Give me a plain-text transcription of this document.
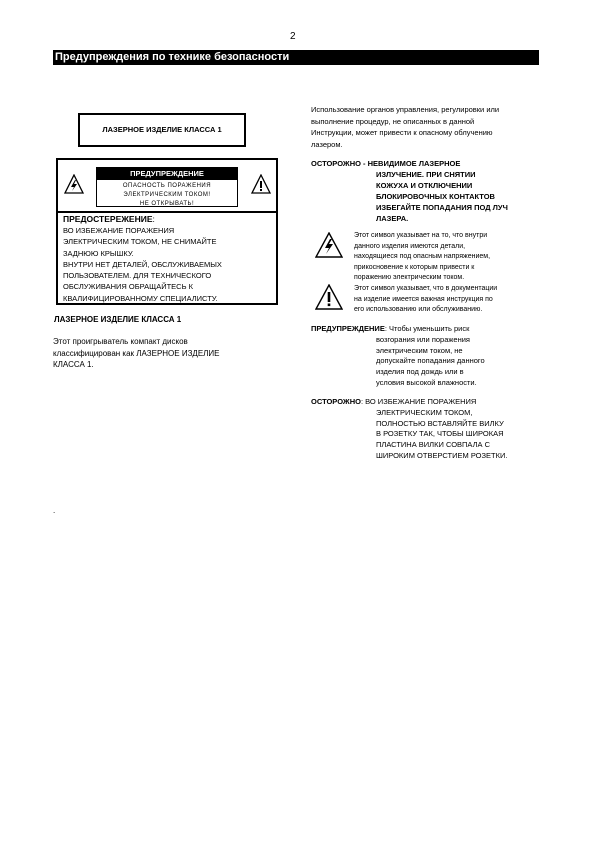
2
Предупреждения по технике безопасности
ЛАЗЕРНОЕ ИЗДЕЛИЕ КЛАССА 1
ПРЕДУПРЕЖДЕНИЕ
ОПАСНОСТЬ ПОРАЖЕНИЯ
ЭЛЕКТРИЧЕСКИМ ТОКОМ!
НЕ ОТКРЫВАТЬ!
ПРЕДОСТЕРЕЖЕНИЕ:
ВО ИЗБЕЖАНИЕ ПОРАЖЕНИЯ
ЭЛЕКТРИЧЕСКИМ ТОКОМ, НЕ СНИМАЙТЕ
ЗАДНЮЮ КРЫШКУ.
ВНУТРИ НЕТ ДЕТАЛЕЙ, ОБСЛУЖИВАЕМЫХ
ПОЛЬЗОВАТЕЛЕМ. ДЛЯ ТЕХНИЧЕСКОГО
ОБСЛУЖИВАНИЯ ОБРАЩАЙТЕСЬ К
КВАЛИФИЦИРОВАННОМУ СПЕЦИАЛИСТУ.
ЛАЗЕРНОЕ ИЗДЕЛИЕ КЛАССА 1
Этот проигрыватель компакт дисков
классифицирован как ЛАЗЕРНОЕ ИЗДЕЛИЕ
КЛАССА 1.
.
Использование органов управления, регулировки или
выполнение процедур, не описанных в данной
Инструкции, может привести к опасному облучению
лазером.
ОСТОРОЖНО - НЕВИДИМОЕ ЛАЗЕРНОЕ
ИЗЛУЧЕНИЕ. ПРИ СНЯТИИ
КОЖУХА И ОТКЛЮЧЕНИИ
БЛОКИРОВОЧНЫХ КОНТАКТОВ
ИЗБЕГАЙТЕ ПОПАДАНИЯ ПОД ЛУЧ
ЛАЗЕРА.
Этот символ указывает на то, что внутри
данного изделия имеются детали,
находящиеся под опасным напряжением,
прикосновение к которым привести к
поражению электрическим током.
Этот символ указывает, что в документации
на изделие имеется важная инструкция по
его использованию или обслуживанию.
ПРЕДУПРЕЖДЕНИЕ: Чтобы уменьшить риск
возгорания или поражения
электрическим током, не
допускайте попадания данного
изделия под дождь или в
условия высокой влажности.
ОСТОРОЖНО: ВО ИЗБЕЖАНИЕ ПОРАЖЕНИЯ
ЭЛЕКТРИЧЕСКИМ ТОКОМ,
ПОЛНОСТЬЮ ВСТАВЛЯЙТЕ ВИЛКУ
В РОЗЕТКУ ТАК, ЧТОБЫ ШИРОКАЯ
ПЛАСТИНА ВИЛКИ СОВПАЛА С
ШИРОКИМ ОТВЕРСТИЕМ РОЗЕТКИ.
